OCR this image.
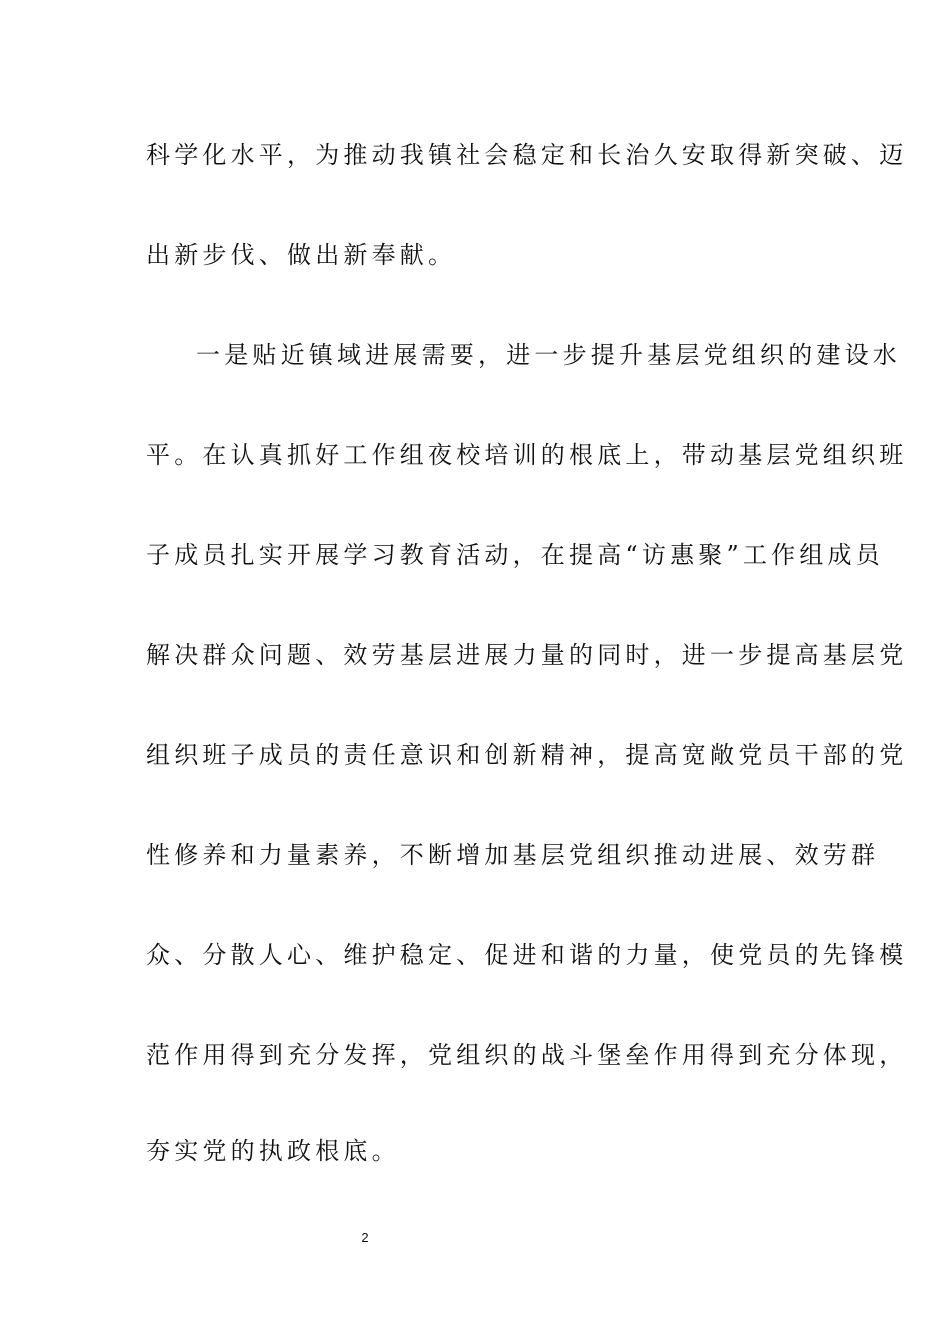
科学化水平，为推动我镇社会稳定和长治久安取得新突破、迈
出新步伐、做出新奉献。
一是贴近镇域进展需要，进一步提升基层党组织的建设水
平。在认真抓好工作组夜校培训的根底上，带动基层党组织班
子成员扎实开展学习教育活动，在提高“访惠聚”工作组成员
解决群众问题、效劳基层进展力量的同时，进一步提高基层党
组织班子成员的责任意识和创新精神，提高宽敞党员干部的党
性修养和力量素养，不断增加基层党组织推动进展、效劳群
众、分散人心、维护稳定、促进和谐的力量，使党员的先锋模
范作用得到充分发挥，党组织的战斗堡垒作用得到充分体现，
夯实党的执政根底。
2
